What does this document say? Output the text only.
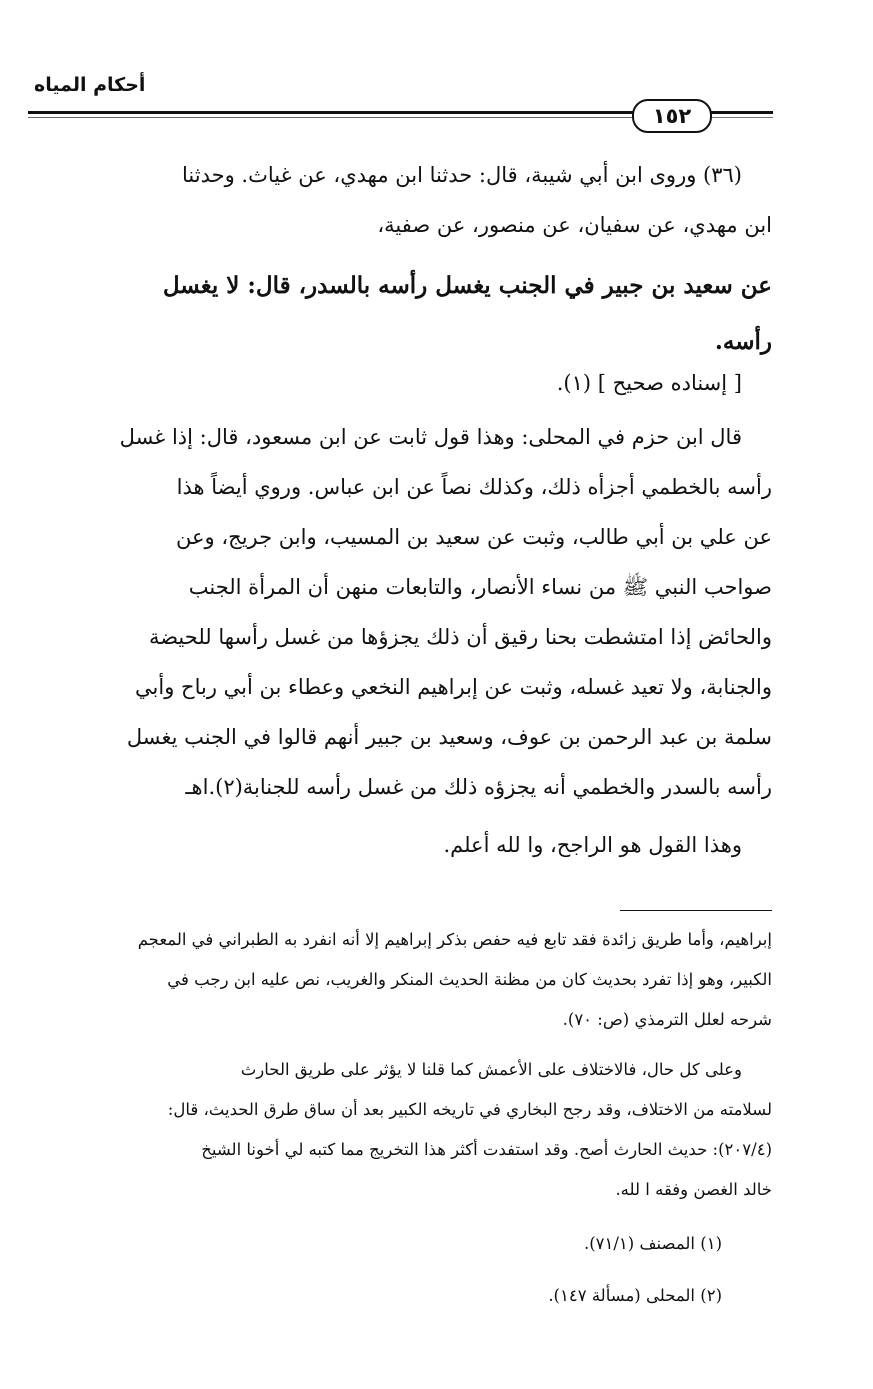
أحكام المياه
١٥٢
(٣٦) وروى ابن أبي شيبة، قال: حدثنا ابن مهدي، عن غياث. وحدثنا
ابن مهدي، عن سفيان، عن منصور، عن صفية،
عن سعيد بن جبير في الجنب يغسل رأسه بالسدر، قال: لا يغسل
رأسه.
[ إسناده صحيح ] (١).
قال ابن حزم في المحلى: وهذا قول ثابت عن ابن مسعود، قال: إذا غسل
رأسه بالخطمي أجزأه ذلك، وكذلك نصاً عن ابن عباس. وروي أيضاً هذا
عن علي بن أبي طالب، وثبت عن سعيد بن المسيب، وابن جريج، وعن
صواحب النبي ﷺ من نساء الأنصار، والتابعات منهن أن المرأة الجنب
والحائض إذا امتشطت بحنا رقيق أن ذلك يجزؤها من غسل رأسها للحيضة
والجنابة، ولا تعيد غسله، وثبت عن إبراهيم النخعي وعطاء بن أبي رباح وأبي
سلمة بن عبد الرحمن بن عوف، وسعيد بن جبير أنهم قالوا في الجنب يغسل
رأسه بالسدر والخطمي أنه يجزؤه ذلك من غسل رأسه للجنابة(٢).اهـ
وهذا القول هو الراجح، وا لله أعلم.
إبراهيم، وأما طريق زائدة فقد تابع فيه حفص بذكر إبراهيم إلا أنه انفرد به الطبراني في المعجم
الكبير، وهو إذا تفرد بحديث كان من مظنة الحديث المنكر والغريب، نص عليه ابن رجب في
شرحه لعلل الترمذي (ص: ٧٠).
وعلى كل حال، فالاختلاف على الأعمش كما قلنا لا يؤثر على طريق الحارث
لسلامته من الاختلاف، وقد رجح البخاري في تاريخه الكبير بعد أن ساق طرق الحديث، قال:
(٢٠٧/٤): حديث الحارث أصح. وقد استفدت أكثر هذا التخريج مما كتبه لي أخونا الشيخ
خالد الغصن وفقه ا لله.
(١) المصنف (٧١/١).
(٢) المحلى (مسألة ١٤٧).
